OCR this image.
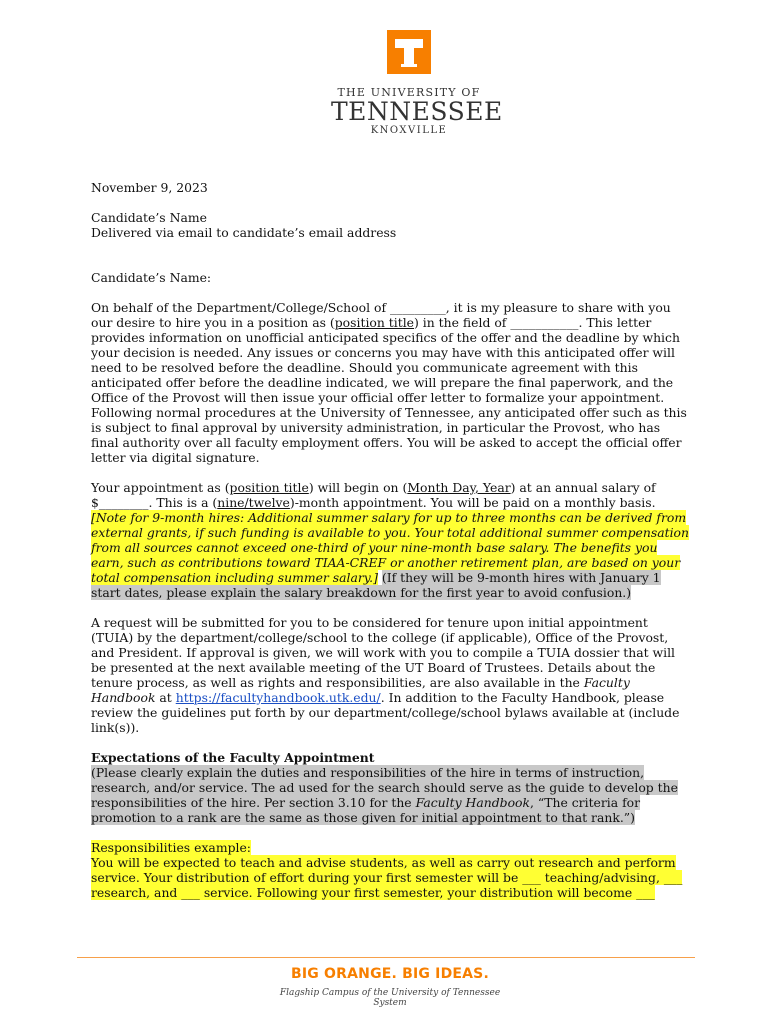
THE UNIVERSITY OF
TENNESSEE
KNOXVILLE

November 9, 2023

Candidate’s Name

Delivered via email to candidate’s email address

Candidate’s Name:

On behalf of the Department/College/School of _________, it is my pleasure to share with you our desire to hire you in a position as (position title) in the field of ___________. This letter provides information on unofficial anticipated specifics of the offer and the deadline by which your decision is needed. Any issues or concerns you may have with this anticipated offer will need to be resolved before the deadline. Should you communicate agreement with this anticipated offer before the deadline indicated, we will prepare the final paperwork, and the Office of the Provost will then issue your official offer letter to formalize your appointment. Following normal procedures at the University of Tennessee, any anticipated offer such as this is subject to final approval by university administration, in particular the Provost, who has final authority over all faculty employment offers. You will be asked to accept the official offer letter via digital signature.

Your appointment as (position title) will begin on (Month Day, Year) at an annual salary of $________. This is a (nine/twelve)-month appointment. You will be paid on a monthly basis.
[Note for 9-month hires: Additional summer salary for up to three months can be derived from external grants, if such funding is available to you. Your total additional summer compensation from all sources cannot exceed one-third of your nine-month base salary. The benefits you earn, such as contributions toward TIAA-CREF or another retirement plan, are based on your total compensation including summer salary.] (If they will be 9-month hires with January 1 start dates, please explain the salary breakdown for the first year to avoid confusion.)

A request will be submitted for you to be considered for tenure upon initial appointment (TUIA) by the department/college/school to the college (if applicable), Office of the Provost, and President. If approval is given, we will work with you to compile a TUIA dossier that will be presented at the next available meeting of the UT Board of Trustees. Details about the tenure process, as well as rights and responsibilities, are also available in the Faculty Handbook at https://facultyhandbook.utk.edu/. In addition to the Faculty Handbook, please review the guidelines put forth by our department/college/school bylaws available at (include link(s)).

Expectations of the Faculty Appointment

(Please clearly explain the duties and responsibilities of the hire in terms of instruction, research, and/or service. The ad used for the search should serve as the guide to develop the responsibilities of the hire. Per section 3.10 for the Faculty Handbook, “The criteria for promotion to a rank are the same as those given for initial appointment to that rank.”)

Responsibilities example:

You will be expected to teach and advise students, as well as carry out research and perform service. Your distribution of effort during your first semester will be ___ teaching/advising, ___ research, and ___ service. Following your first semester, your distribution will become ___

BIG ORANGE. BIG IDEAS.
Flagship Campus of the University of Tennessee System
